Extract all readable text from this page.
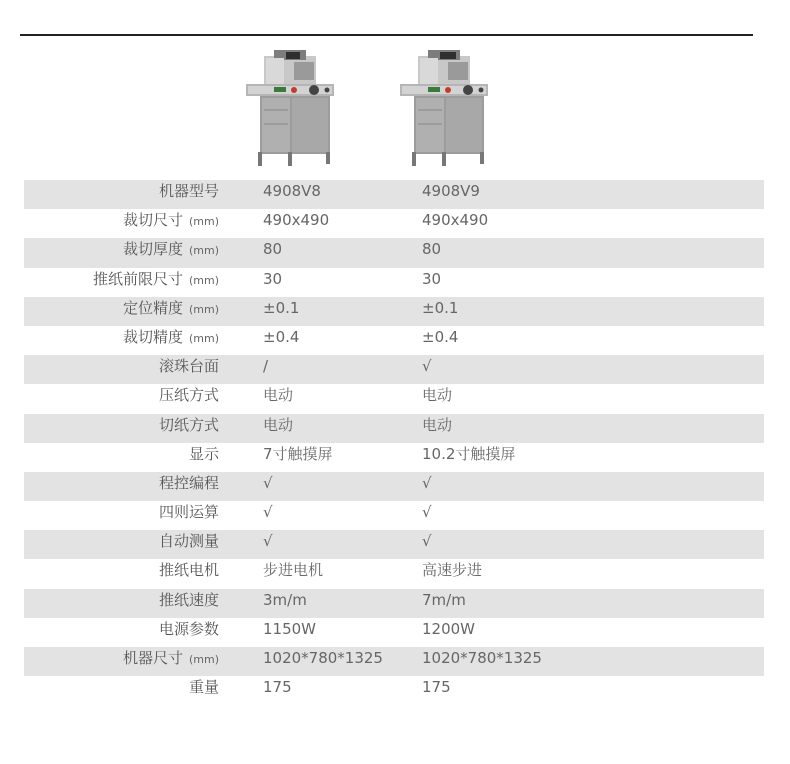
机器型号	4908V8	4908V9
裁切尺寸 (mm)	490x490	490x490
裁切厚度 (mm)	80	80
推纸前限尺寸 (mm)	30	30
定位精度 (mm)	±0.1	±0.1
裁切精度 (mm)	±0.4	±0.4
滚珠台面	/	√
压纸方式	电动	电动
切纸方式	电动	电动
显示	7寸触摸屏	10.2寸触摸屏
程控编程	√	√
四则运算	√	√
自动测量	√	√
推纸电机	步进电机	高速步进
推纸速度	3m/m	7m/m
电源参数	1150W	1200W
机器尺寸 (mm)	1020*780*1325	1020*780*1325
重量	175	175
